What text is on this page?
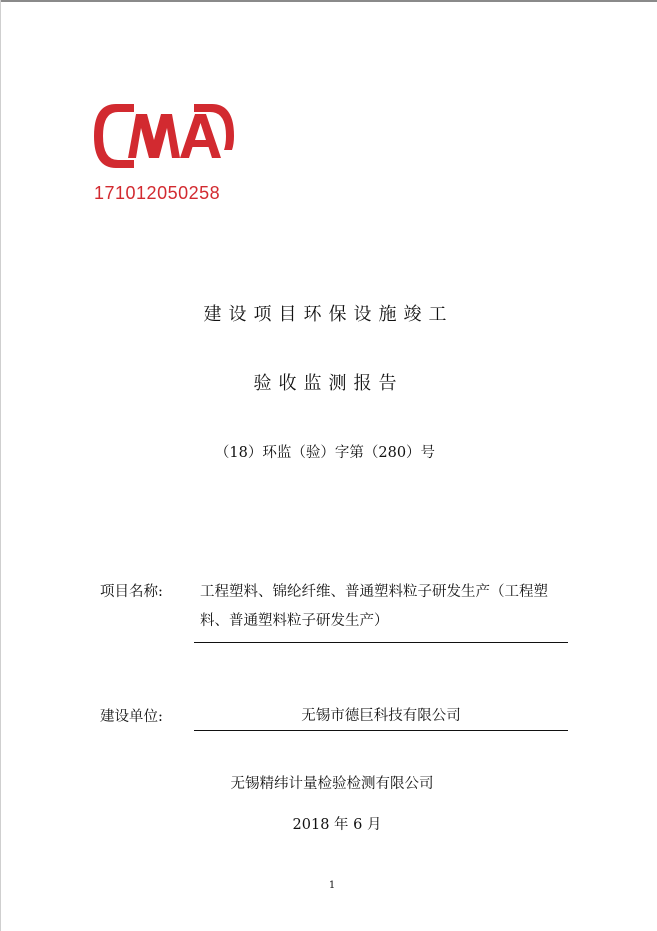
171012050258
建设项目环保设施竣工
验收监测报告
（18）环监（验）字第（280）号
项目名称:	工程塑料、锦纶纤维、普通塑料粒子研发生产（工程塑料、普通塑料粒子研发生产）
建设单位:	无锡市德巨科技有限公司
无锡精纬计量检验检测有限公司
2018 年 6 月
1
